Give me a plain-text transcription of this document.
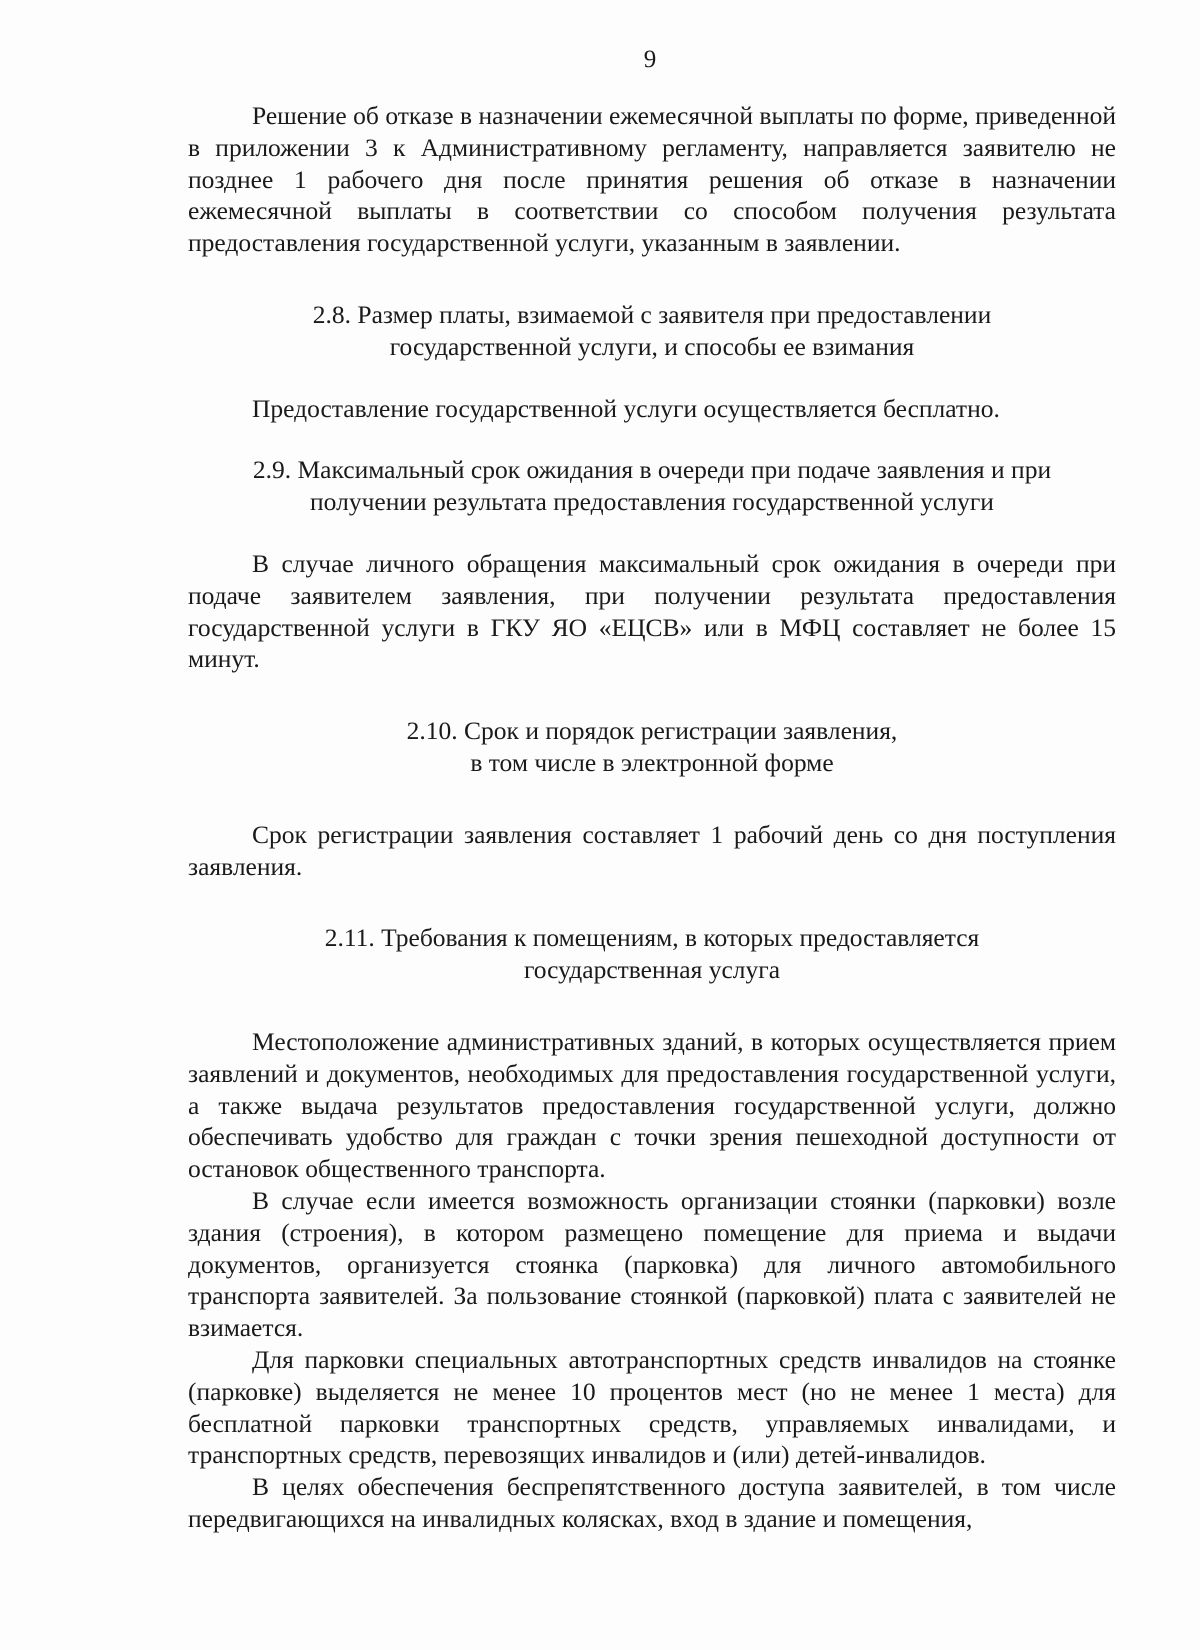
9

Решение об отказе в назначении ежемесячной выплаты по форме, приведенной в приложении 3 к Административному регламенту, направляется заявителю не позднее 1 рабочего дня после принятия решения об отказе в назначении ежемесячной выплаты в соответствии со способом получения результата предоставления государственной услуги, указанным в заявлении.

2.8. Размер платы, взимаемой с заявителя при предоставлении
государственной услуги, и способы ее взимания

Предоставление государственной услуги осуществляется бесплатно.

2.9. Максимальный срок ожидания в очереди при подаче заявления и при
получении результата предоставления государственной услуги

В случае личного обращения максимальный срок ожидания в очереди при подаче заявителем заявления, при получении результата предоставления государственной услуги в ГКУ ЯО «ЕЦСВ» или в МФЦ составляет не более 15 минут.

2.10. Срок и порядок регистрации заявления,
в том числе в электронной форме

Срок регистрации заявления составляет 1 рабочий день со дня поступления заявления.

2.11. Требования к помещениям, в которых предоставляется
государственная услуга

Местоположение административных зданий, в которых осуществляется прием заявлений и документов, необходимых для предоставления государственной услуги, а также выдача результатов предоставления государственной услуги, должно обеспечивать удобство для граждан с точки зрения пешеходной доступности от остановок общественного транспорта.

В случае если имеется возможность организации стоянки (парковки) возле здания (строения), в котором размещено помещение для приема и выдачи документов, организуется стоянка (парковка) для личного автомобильного транспорта заявителей. За пользование стоянкой (парковкой) плата с заявителей не взимается.

Для парковки специальных автотранспортных средств инвалидов на стоянке (парковке) выделяется не менее 10 процентов мест (но не менее 1 места) для бесплатной парковки транспортных средств, управляемых инвалидами, и транспортных средств, перевозящих инвалидов и (или) детей-инвалидов.

В целях обеспечения беспрепятственного доступа заявителей, в том числе передвигающихся на инвалидных колясках, вход в здание и помещения,
